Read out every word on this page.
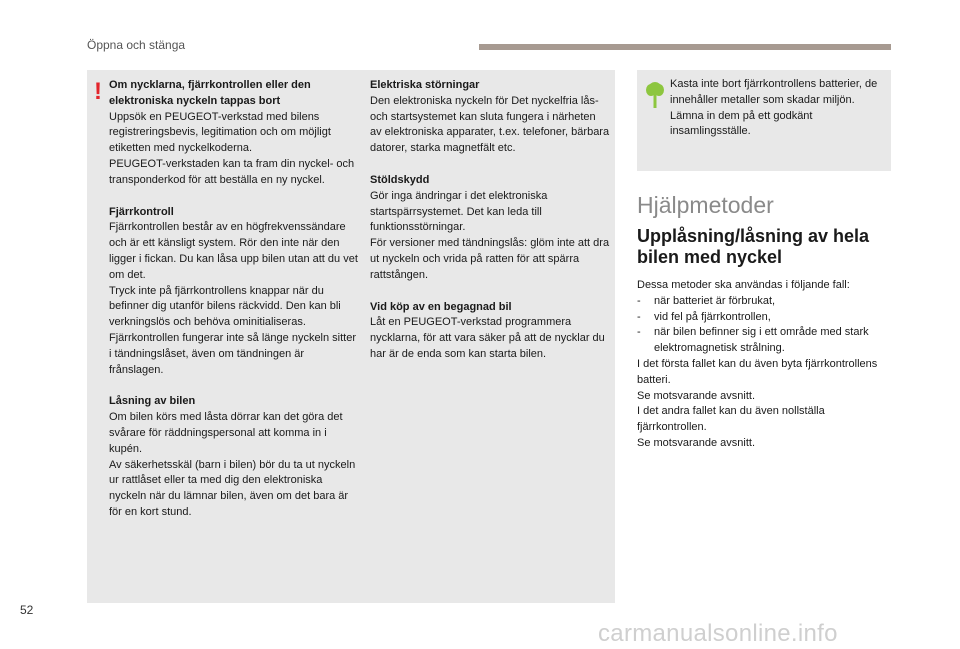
Öppna och stänga
! Om nycklarna, fjärrkontrollen eller den elektroniska nyckeln tappas bort
Uppsök en PEUGEOT-verkstad med bilens registreringsbevis, legitimation och om möjligt etiketten med nyckelkoderna.
PEUGEOT-verkstaden kan ta fram din nyckel- och transponderkod för att beställa en ny nyckel.
Fjärrkontroll
Fjärrkontrollen består av en högfrekvenssändare och är ett känsligt system. Rör den inte när den ligger i fickan. Du kan låsa upp bilen utan att du vet om det.
Tryck inte på fjärrkontrollens knappar när du befinner dig utanför bilens räckvidd. Den kan bli verkningslös och behöva ominitialiseras.
Fjärrkontrollen fungerar inte så länge nyckeln sitter i tändningslåset, även om tändningen är frånslagen.
Låsning av bilen
Om bilen körs med låsta dörrar kan det göra det svårare för räddningspersonal att komma in i kupén.
Av säkerhetsskäl (barn i bilen) bör du ta ut nyckeln ur rattlåset eller ta med dig den elektroniska nyckeln när du lämnar bilen, även om det bara är för en kort stund.
Elektriska störningar
Den elektroniska nyckeln för Det nyckelfria lås- och startsystemet kan sluta fungera i närheten av elektroniska apparater, t.ex. telefoner, bärbara datorer, starka magnetfält etc.
Stöldskydd
Gör inga ändringar i det elektroniska startspärrsystemet. Det kan leda till funktionsstörningar.
För versioner med tändningslås: glöm inte att dra ut nyckeln och vrida på ratten för att spärra rattstången.
Vid köp av en begagnad bil
Låt en PEUGEOT-verkstad programmera nycklarna, för att vara säker på att de nycklar du har är de enda som kan starta bilen.
Kasta inte bort fjärrkontrollens batterier, de innehåller metaller som skadar miljön.
Lämna in dem på ett godkänt insamlingsställe.
Hjälpmetoder
Upplåsning/låsning av hela
bilen med nyckel
Dessa metoder ska användas i följande fall:
- när batteriet är förbrukat,
- vid fel på fjärrkontrollen,
- när bilen befinner sig i ett område med stark elektromagnetisk strålning.
I det första fallet kan du även byta fjärrkontrollens batteri.
Se motsvarande avsnitt.
I det andra fallet kan du även nollställa fjärrkontrollen.
Se motsvarande avsnitt.
52
carmanualsonline.info
